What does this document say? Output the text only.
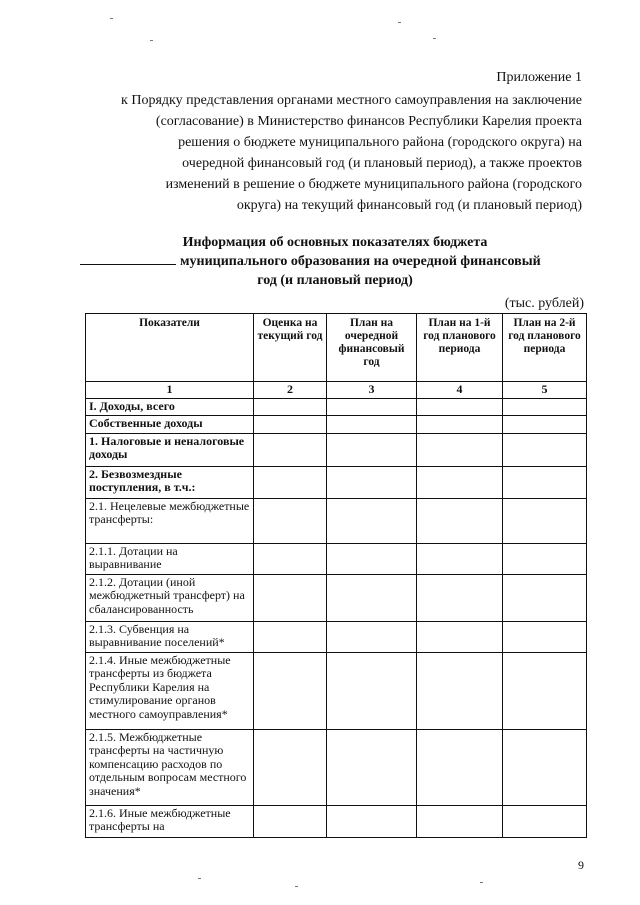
Приложение 1
к Порядку представления органами местного самоуправления на заключение
(согласование) в Министерство финансов Республики Карелия проекта
решения о бюджете муниципального района (городского округа) на
очередной финансовый год (и плановый период), а также проектов
изменений в решение о бюджете муниципального района (городского
округа) на текущий финансовый год (и плановый период)
Информация об основных показателях бюджета
муниципального образования на очередной финансовый
год (и плановый период)
(тыс. рублей)
Показатели	Оценка на текущий год	План на очередной финансовый год	План на 1-й год планового периода	План на 2-й год планового периода
1	2	3	4	5
I. Доходы, всего				
Собственные доходы				
1. Налоговые и неналоговые доходы				
2. Безвозмездные поступления, в т.ч.:				
2.1. Нецелевые межбюджетные трансферты:				
2.1.1. Дотации на выравнивание				
2.1.2. Дотации (иной межбюджетный трансферт) на сбалансированность				
2.1.3. Субвенция на выравнивание поселений*				
2.1.4. Иные межбюджетные трансферты из бюджета Республики Карелия на стимулирование органов местного самоуправления*				
2.1.5. Межбюджетные трансферты на частичную компенсацию расходов по отдельным вопросам местного значения*				
2.1.6. Иные межбюджетные трансферты на				
9
